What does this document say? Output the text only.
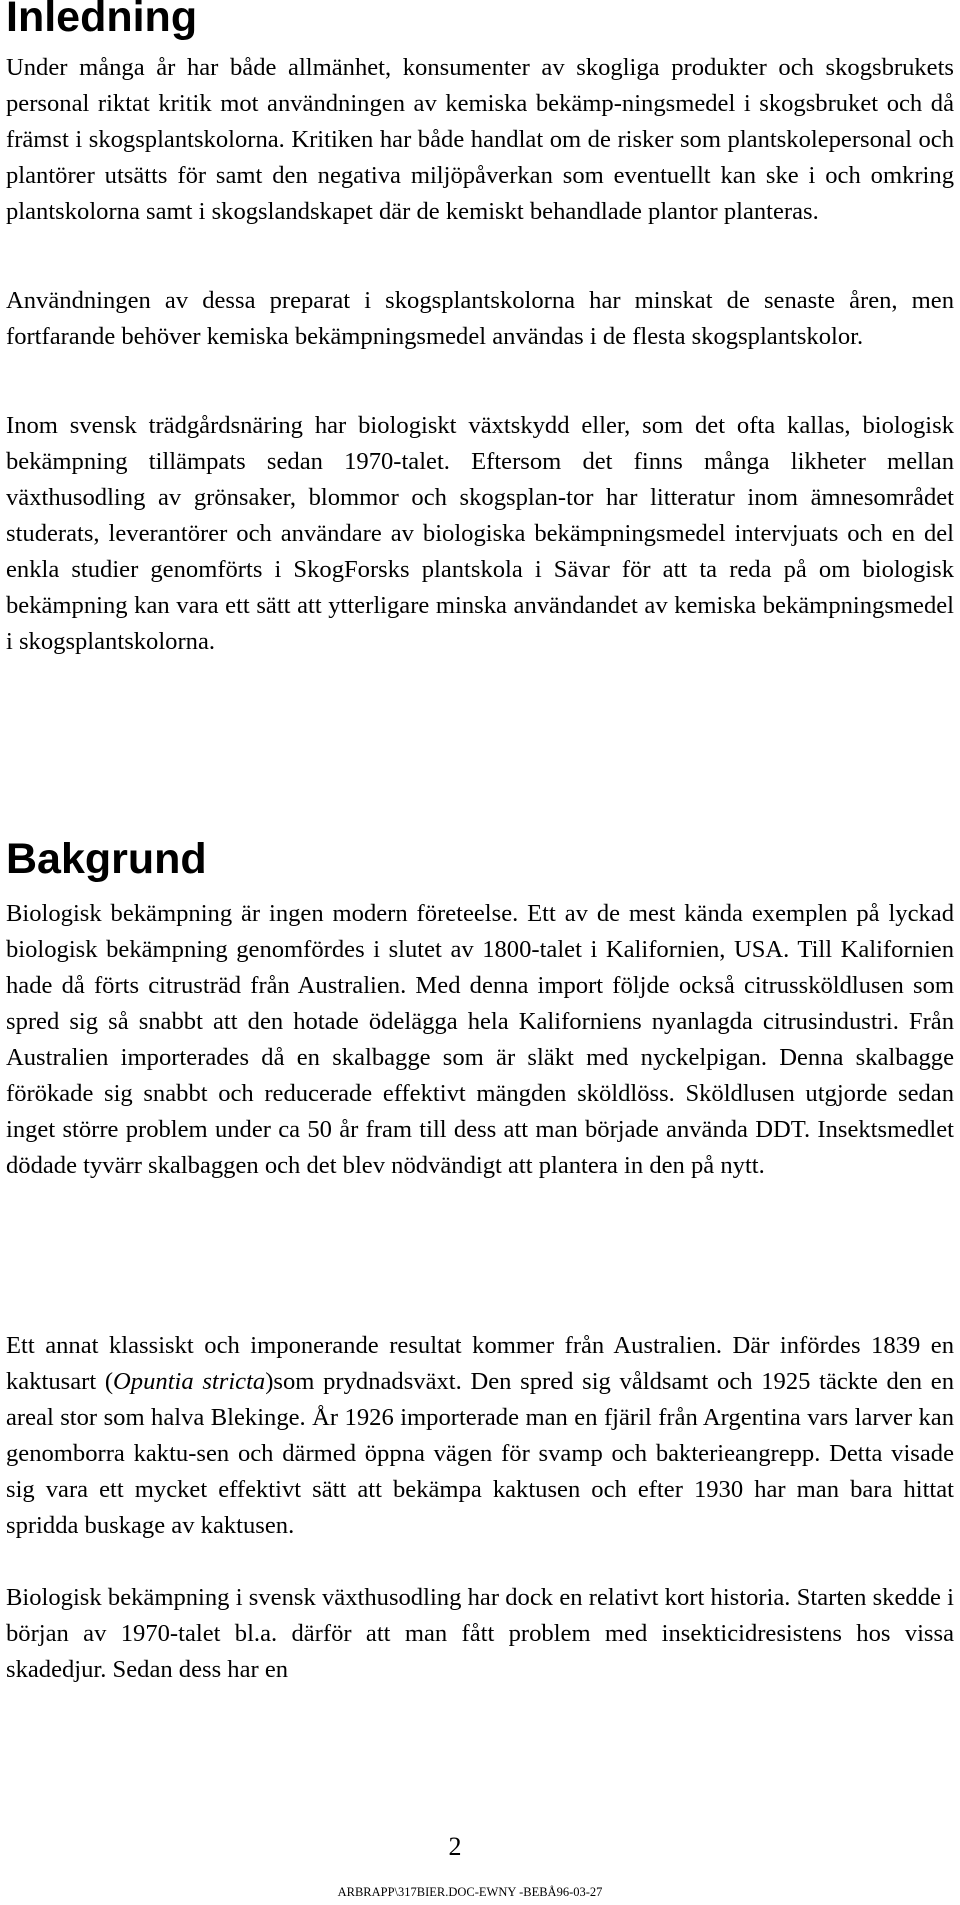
Inledning

Under många år har både allmänhet, konsumenter av skogliga produkter och skogsbrukets personal riktat kritik mot användningen av kemiska bekämp-ningsmedel i skogsbruket och då främst i skogsplantskolorna. Kritiken har både handlat om de risker som plantskolepersonal och plantörer utsätts för samt den negativa miljöpåverkan som eventuellt kan ske i och omkring plantskolorna samt i skogslandskapet där de kemiskt behandlade plantor planteras.

Användningen av dessa preparat i skogsplantskolorna har minskat de senaste åren, men fortfarande behöver kemiska bekämpningsmedel användas i de flesta skogsplantskolor.

Inom svensk trädgårdsnäring har biologiskt växtskydd eller, som det ofta kallas, biologisk bekämpning tillämpats sedan 1970-talet. Eftersom det finns många likheter mellan växthusodling av grönsaker, blommor och skogsplan-tor har litteratur inom ämnesområdet studerats, leverantörer och användare av biologiska bekämpningsmedel intervjuats och en del enkla studier genomförts i SkogForsks plantskola i Sävar för att ta reda på om biologisk bekämpning kan vara ett sätt att ytterligare minska användandet av kemiska bekämpningsmedel i skogsplantskolorna.

Bakgrund

Biologisk bekämpning är ingen modern företeelse. Ett av de mest kända exemplen på lyckad biologisk bekämpning genomfördes i slutet av 1800-talet i Kalifornien, USA. Till Kalifornien hade då förts citrusträd från Australien. Med denna import följde också citrussköldlusen som spred sig så snabbt att den hotade ödelägga hela Kaliforniens nyanlagda citrusindustri. Från Australien importerades då en skalbagge som är släkt med nyckelpigan. Denna skalbagge förökade sig snabbt och reducerade effektivt mängden sköldlöss. Sköldlusen utgjorde sedan inget större problem under ca 50 år fram till dess att man började använda DDT. Insektsmedlet dödade tyvärr skalbaggen och det blev nödvändigt att plantera in den på nytt.

Ett annat klassiskt och imponerande resultat kommer från Australien. Där infördes 1839 en kaktusart (Opuntia stricta)som prydnadsväxt. Den spred sig våldsamt och 1925 täckte den en areal stor som halva Blekinge. År 1926 importerade man en fjäril från Argentina vars larver kan genomborra kaktu-sen och därmed öppna vägen för svamp och bakterieangrepp. Detta visade sig vara ett mycket effektivt sätt att bekämpa kaktusen och efter 1930 har man bara hittat spridda buskage av kaktusen.

Biologisk bekämpning i svensk växthusodling har dock en relativt kort historia. Starten skedde i början av 1970-talet bl.a. därför att man fått problem med insekticidresistens hos vissa skadedjur. Sedan dess har en

2
ARBRAPP\317BIER.DOC-EWNY -BEBÅ96-03-27
